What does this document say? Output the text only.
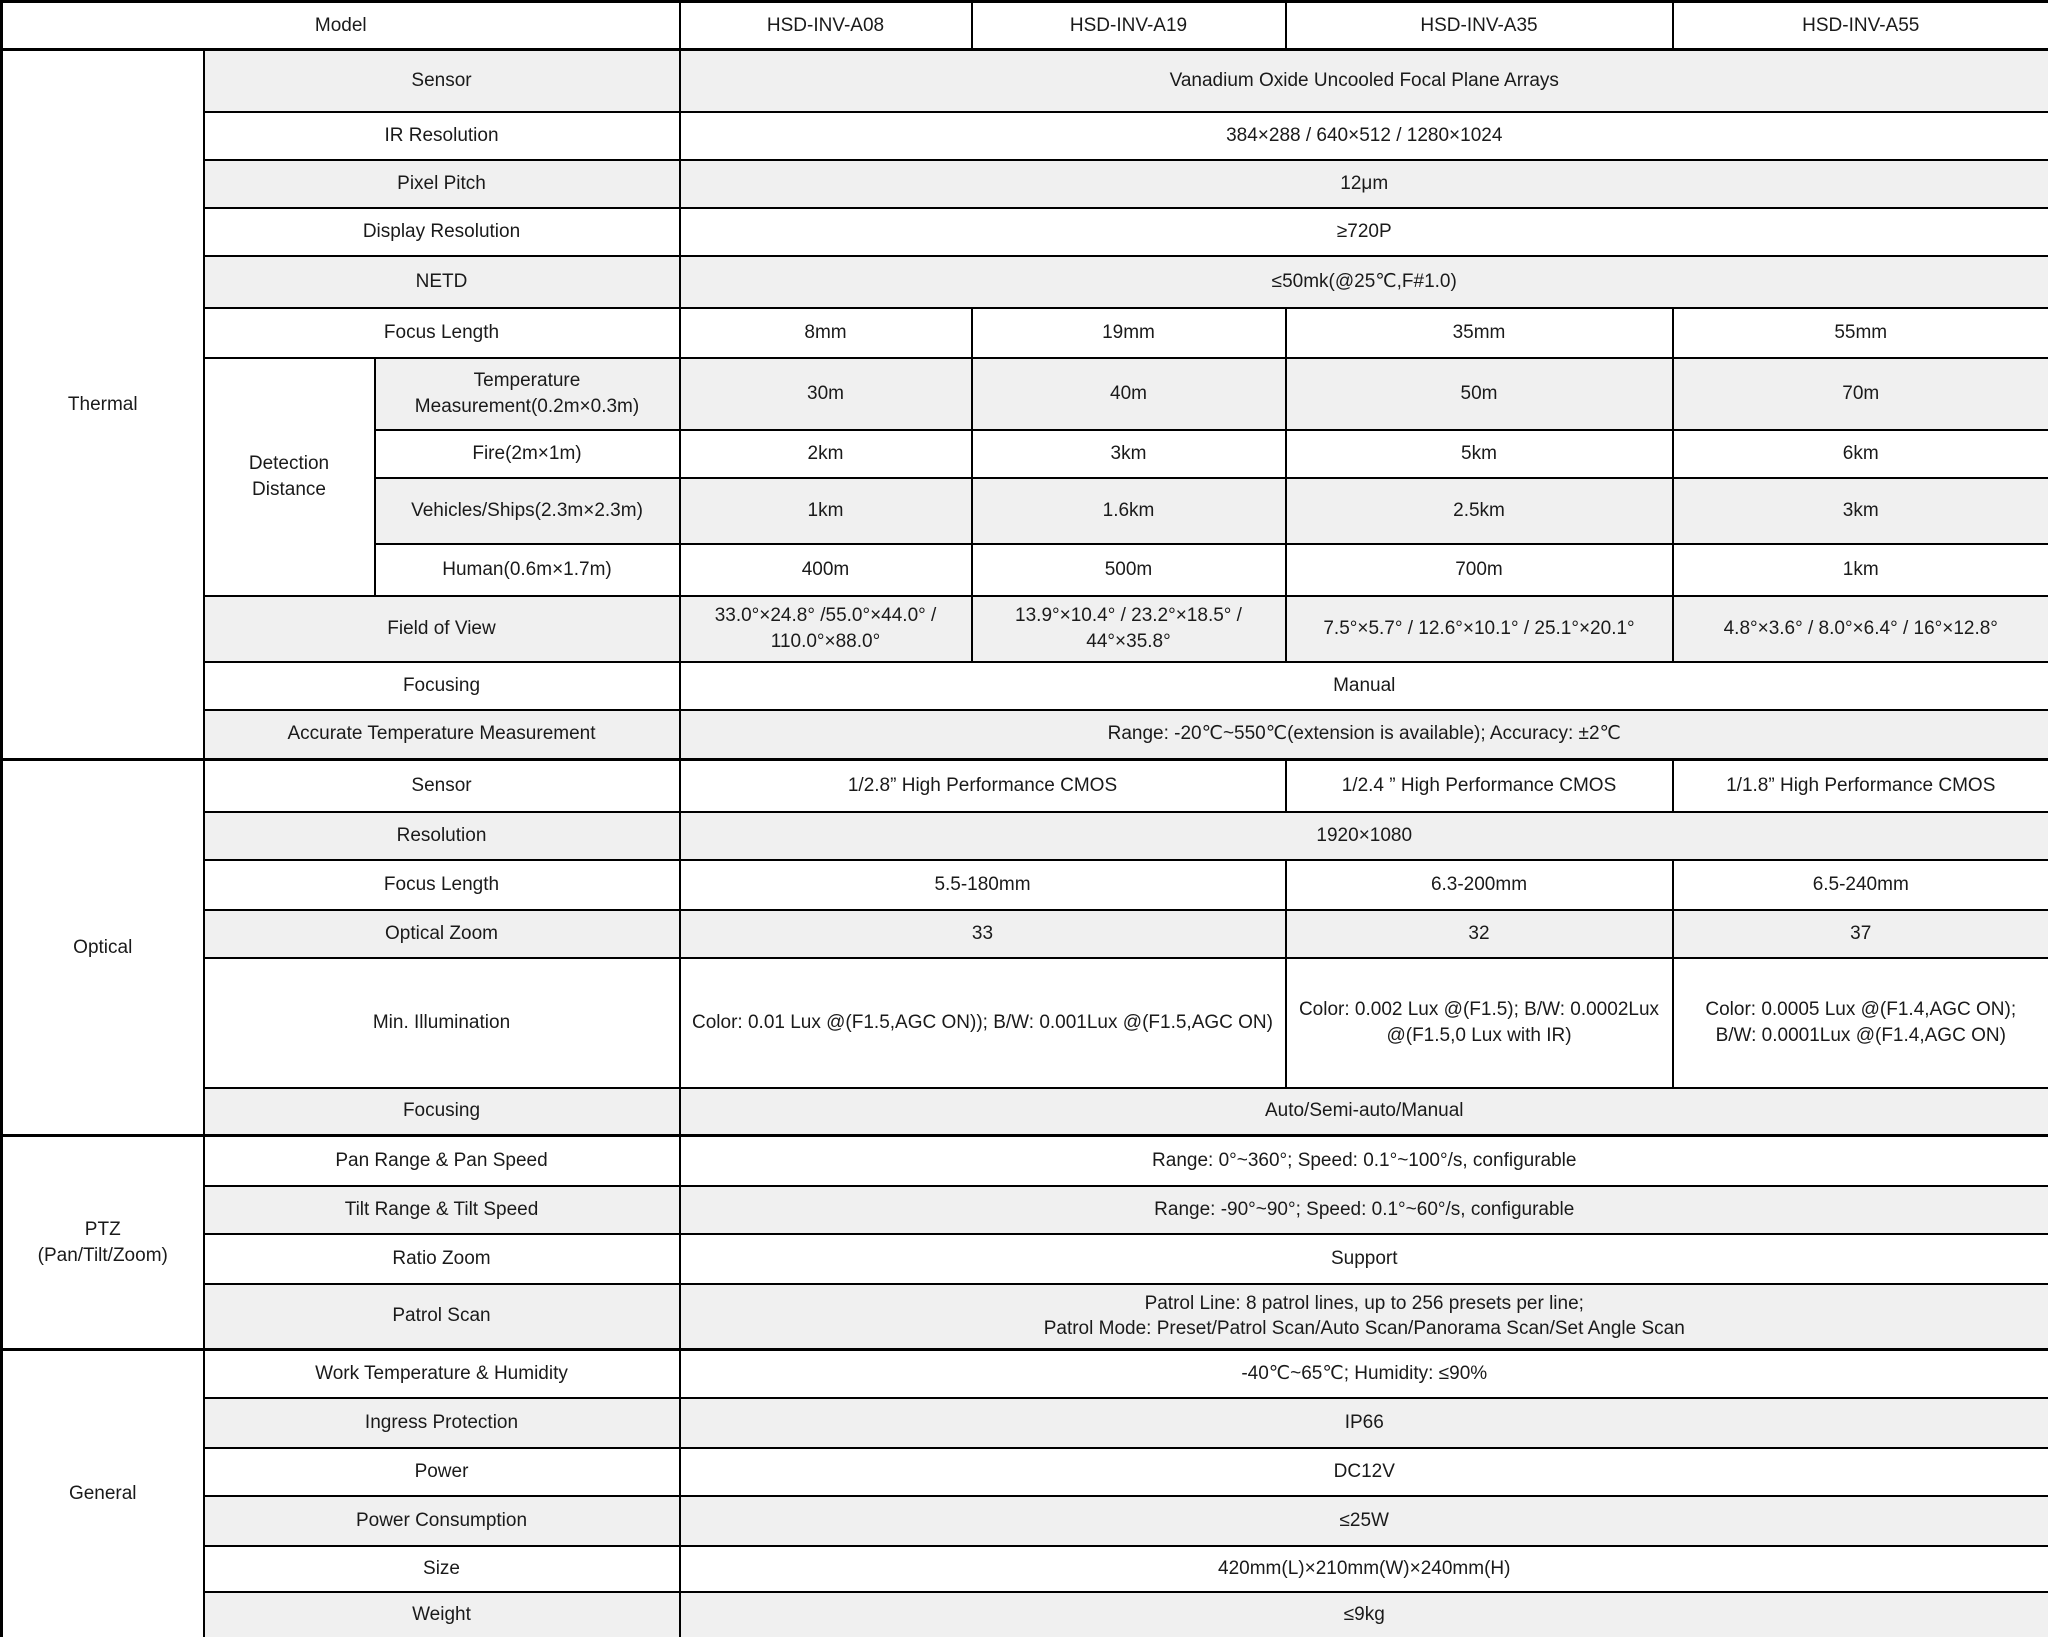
Model			HSD-INV-A08	HSD-INV-A19	HSD-INV-A35	HSD-INV-A55
Thermal	Sensor		Vanadium Oxide Uncooled Focal Plane Arrays			
	IR Resolution		384×288 / 640×512 / 1280×1024			
	Pixel Pitch		12μm			
	Display Resolution		≥720P			
	NETD		≤50mk(@25℃,F#1.0)			
	Focus Length		8mm	19mm	35mm	55mm
	Detection Distance	Temperature Measurement(0.2m×0.3m)	30m	40m	50m	70m
		Fire(2m×1m)	2km	3km	5km	6km
		Vehicles/Ships(2.3m×2.3m)	1km	1.6km	2.5km	3km
		Human(0.6m×1.7m)	400m	500m	700m	1km
	Field of View		33.0°×24.8° /55.0°×44.0° / 110.0°×88.0°	13.9°×10.4° / 23.2°×18.5° / 44°×35.8°	7.5°×5.7° / 12.6°×10.1° / 25.1°×20.1°	4.8°×3.6° / 8.0°×6.4° / 16°×12.8°
	Focusing		Manual			
	Accurate Temperature Measurement		Range: -20℃~550℃(extension is available); Accuracy: ±2℃			
Optical	Sensor		1/2.8” High Performance CMOS		1/2.4 ” High Performance CMOS	1/1.8” High Performance CMOS
	Resolution		1920×1080			
	Focus Length		5.5-180mm		6.3-200mm	6.5-240mm
	Optical Zoom		33		32	37
	Min. Illumination		Color: 0.01 Lux @(F1.5,AGC ON)); B/W: 0.001Lux @(F1.5,AGC ON)		Color: 0.002 Lux @(F1.5); B/W: 0.0002Lux @(F1.5,0 Lux with IR)	Color: 0.0005 Lux @(F1.4,AGC ON); B/W: 0.0001Lux @(F1.4,AGC ON)
	Focusing		Auto/Semi-auto/Manual			

PTZ
(Pan/Tilt/Zoom)	Pan Range & Pan Speed		Range: 0°~360°; Speed: 0.1°~100°/s, configurable			
	Tilt Range & Tilt Speed		Range: -90°~90°; Speed: 0.1°~60°/s, configurable			
	Ratio Zoom		Support			
	Patrol Scan		Patrol Line: 8 patrol lines, up to 256 presets per line;
Patrol Mode: Preset/Patrol Scan/Auto Scan/Panorama Scan/Set Angle Scan			

General	Work Temperature & Humidity		-40℃~65℃; Humidity: ≤90%			
	Ingress Protection		IP66			
	Power		DC12V			
	Power Consumption		≤25W			
	Size		420mm(L)×210mm(W)×240mm(H)			
	Weight		≤9kg			
